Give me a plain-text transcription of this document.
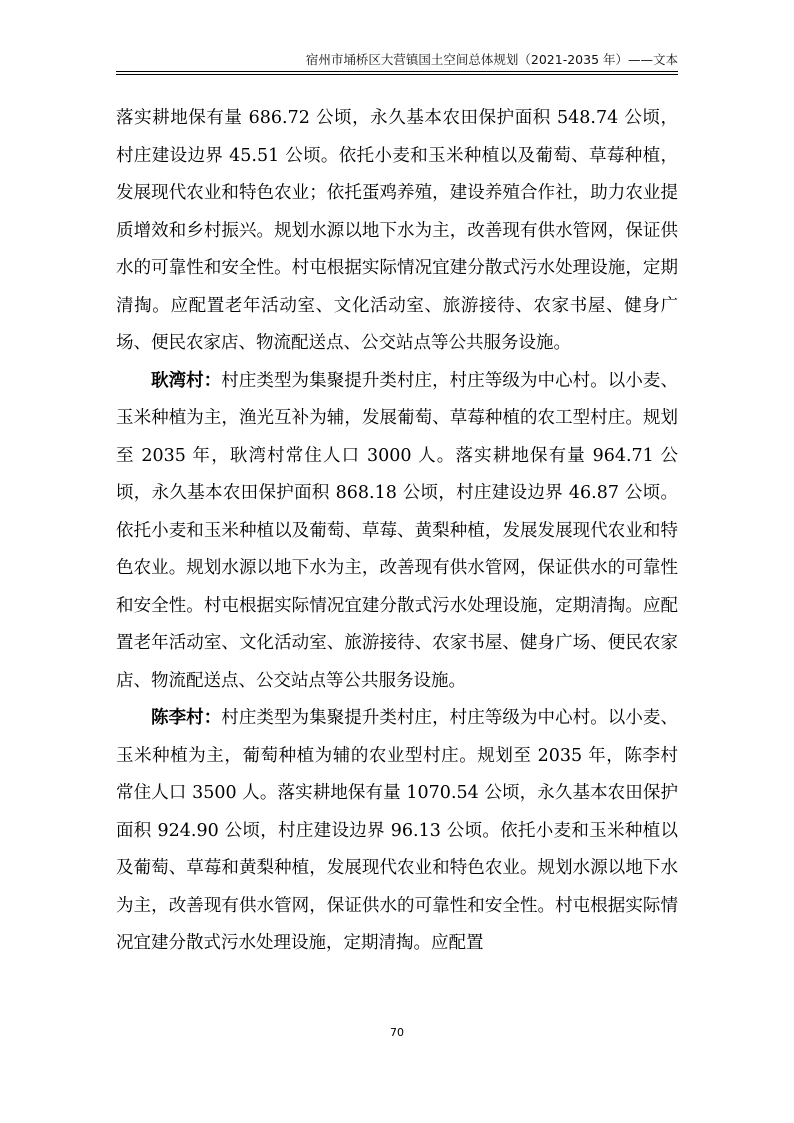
宿州市埇桥区大营镇国土空间总体规划（2021-2035 年）——文本

落实耕地保有量 686.72 公顷，永久基本农田保护面积 548.74 公顷，村庄建设边界 45.51 公顷。依托小麦和玉米种植以及葡萄、草莓种植，发展现代农业和特色农业；依托蛋鸡养殖，建设养殖合作社，助力农业提质增效和乡村振兴。规划水源以地下水为主，改善现有供水管网，保证供水的可靠性和安全性。村屯根据实际情况宜建分散式污水处理设施，定期清掏。应配置老年活动室、文化活动室、旅游接待、农家书屋、健身广场、便民农家店、物流配送点、公交站点等公共服务设施。

耿湾村：村庄类型为集聚提升类村庄，村庄等级为中心村。以小麦、玉米种植为主，渔光互补为辅，发展葡萄、草莓种植的农工型村庄。规划至 2035 年，耿湾村常住人口 3000 人。落实耕地保有量 964.71 公顷，永久基本农田保护面积 868.18 公顷，村庄建设边界 46.87 公顷。依托小麦和玉米种植以及葡萄、草莓、黄梨种植，发展发展现代农业和特色农业。规划水源以地下水为主，改善现有供水管网，保证供水的可靠性和安全性。村屯根据实际情况宜建分散式污水处理设施，定期清掏。应配置老年活动室、文化活动室、旅游接待、农家书屋、健身广场、便民农家店、物流配送点、公交站点等公共服务设施。

陈李村：村庄类型为集聚提升类村庄，村庄等级为中心村。以小麦、玉米种植为主，葡萄种植为辅的农业型村庄。规划至 2035 年，陈李村常住人口 3500 人。落实耕地保有量 1070.54 公顷，永久基本农田保护面积 924.90 公顷，村庄建设边界 96.13 公顷。依托小麦和玉米种植以及葡萄、草莓和黄梨种植，发展现代农业和特色农业。规划水源以地下水为主，改善现有供水管网，保证供水的可靠性和安全性。村屯根据实际情况宜建分散式污水处理设施，定期清掏。应配置

70
